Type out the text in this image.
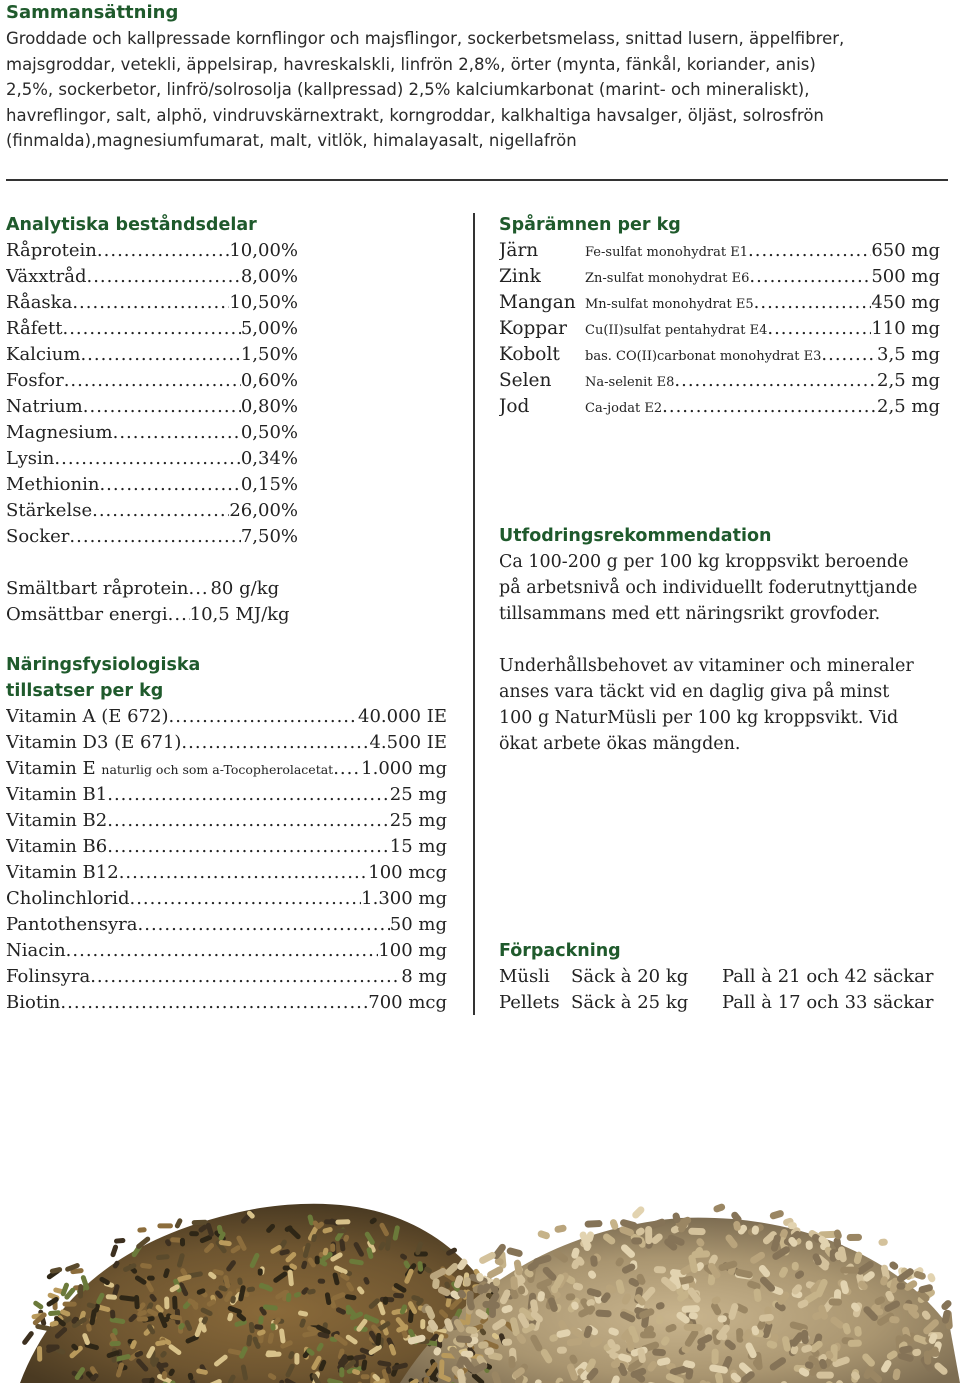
Sammansättning
Groddade och kallpressade kornflingor och majsflingor, sockerbetsmelass, snittad lusern, äppelfibrer,
majsgroddar, vetekli, äppelsirap, havreskalskli, linfrön 2,8%, örter (mynta, fänkål, koriander, anis)
2,5%, sockerbetor, linfrö/solrosolja (kallpressad) 2,5% kalciumkarbonat (marint- och mineraliskt),
havreflingor, salt, alphö, vindruvskärnextrakt, korngroddar, kalkhaltiga havsalger, öljäst, solrosfrön
(finmalda),magnesiumfumarat, malt, vitlök, himalayasalt, nigellafrön
Analytiska beståndsdelar
Råprotein .....	10,00%
Växxtråd .....	8,00%
Råaska .....	10,50%
Råfett .....	5,00%
Kalcium .....	1,50%
Fosfor .....	0,60%
Natrium .....	0,80%
Magnesium .....	0,50%
Lysin .....	0,34%
Methionin .....	0,15%
Stärkelse .....	26,00%
Socker .....	7,50%
Smältbart råprotein ..... 80 g/kg
Omsättbar energi ..... 10,5 MJ/kg
Näringsfysiologiska
tillsatser per kg
Vitamin A (E 672) .....	40.000 IE
Vitamin D3 (E 671) .....	4.500 IE
Vitamin E naturlig och som a-Tocopherolacetat ..... 1.000 mg
Vitamin B1 .....	25 mg
Vitamin B2 .....	25 mg
Vitamin B6 .....	15 mg
Vitamin B12 .....	100 mcg
Cholinchlorid .....	1.300 mg
Pantothensyra .....	50 mg
Niacin .....	100 mg
Folinsyra .....	8 mg
Biotin .....	700 mcg
Spårämnen per kg
Järn	Fe-sulfat monohydrat E1 .....	650 mg
Zink	Zn-sulfat monohydrat E6 .....	500 mg
Mangan Mn-sulfat monohydrat E5 .....	450 mg
Koppar	Cu(II)sulfat pentahydrat E4 .....	110 mg
Kobolt	bas. CO(II)carbonat monohydrat E3 .....	3,5 mg
Selen	Na-selenit E8 .....	2,5 mg
Jod	Ca-jodat E2 .....	2,5 mg
Utfodringsrekommendation
Ca 100-200 g per 100 kg kroppsvikt beroende
på arbetsnivå och individuellt foderutnyttjande
tillsammans med ett näringsrikt grovfoder.
Underhållsbehovet av vitaminer och mineraler
anses vara täckt vid en daglig giva på minst
100 g NaturMüsli per 100 kg kroppsvikt. Vid
ökat arbete ökas mängden.
Förpackning
Müsli	Säck à 20 kg	Pall à 21 och 42 säckar
Pellets Säck à 25 kg	Pall à 17 och 33 säckar
